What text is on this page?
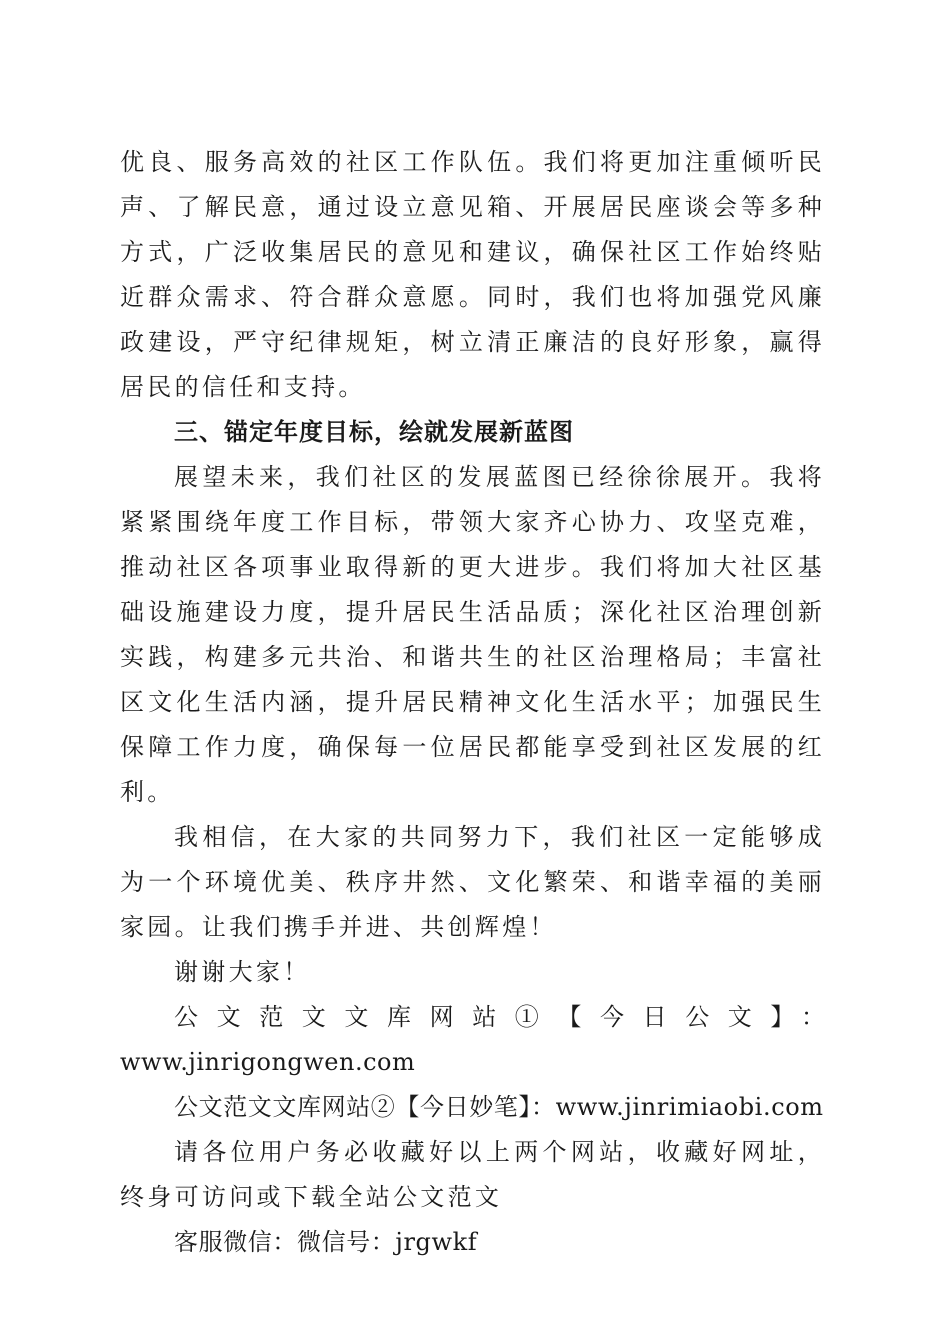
优良、服务高效的社区工作队伍。我们将更加注重倾听民声、了解民意，通过设立意见箱、开展居民座谈会等多种方式，广泛收集居民的意见和建议，确保社区工作始终贴近群众需求、符合群众意愿。同时，我们也将加强党风廉政建设，严守纪律规矩，树立清正廉洁的良好形象，赢得居民的信任和支持。

三、锚定年度目标，绘就发展新蓝图

展望未来，我们社区的发展蓝图已经徐徐展开。我将紧紧围绕年度工作目标，带领大家齐心协力、攻坚克难，推动社区各项事业取得新的更大进步。我们将加大社区基础设施建设力度，提升居民生活品质；深化社区治理创新实践，构建多元共治、和谐共生的社区治理格局；丰富社区文化生活内涵，提升居民精神文化生活水平；加强民生保障工作力度，确保每一位居民都能享受到社区发展的红利。

我相信，在大家的共同努力下，我们社区一定能够成为一个环境优美、秩序井然、文化繁荣、和谐幸福的美丽家园。让我们携手并进、共创辉煌！

谢谢大家！

公文范文文库网站①【今日公文】：

www.jinrigongwen.com

公文范文文库网站②【今日妙笔】：www.jinrimiaobi.com

请各位用户务必收藏好以上两个网站，收藏好网址，终身可访问或下载全站公文范文

客服微信：微信号：jrgwkf
